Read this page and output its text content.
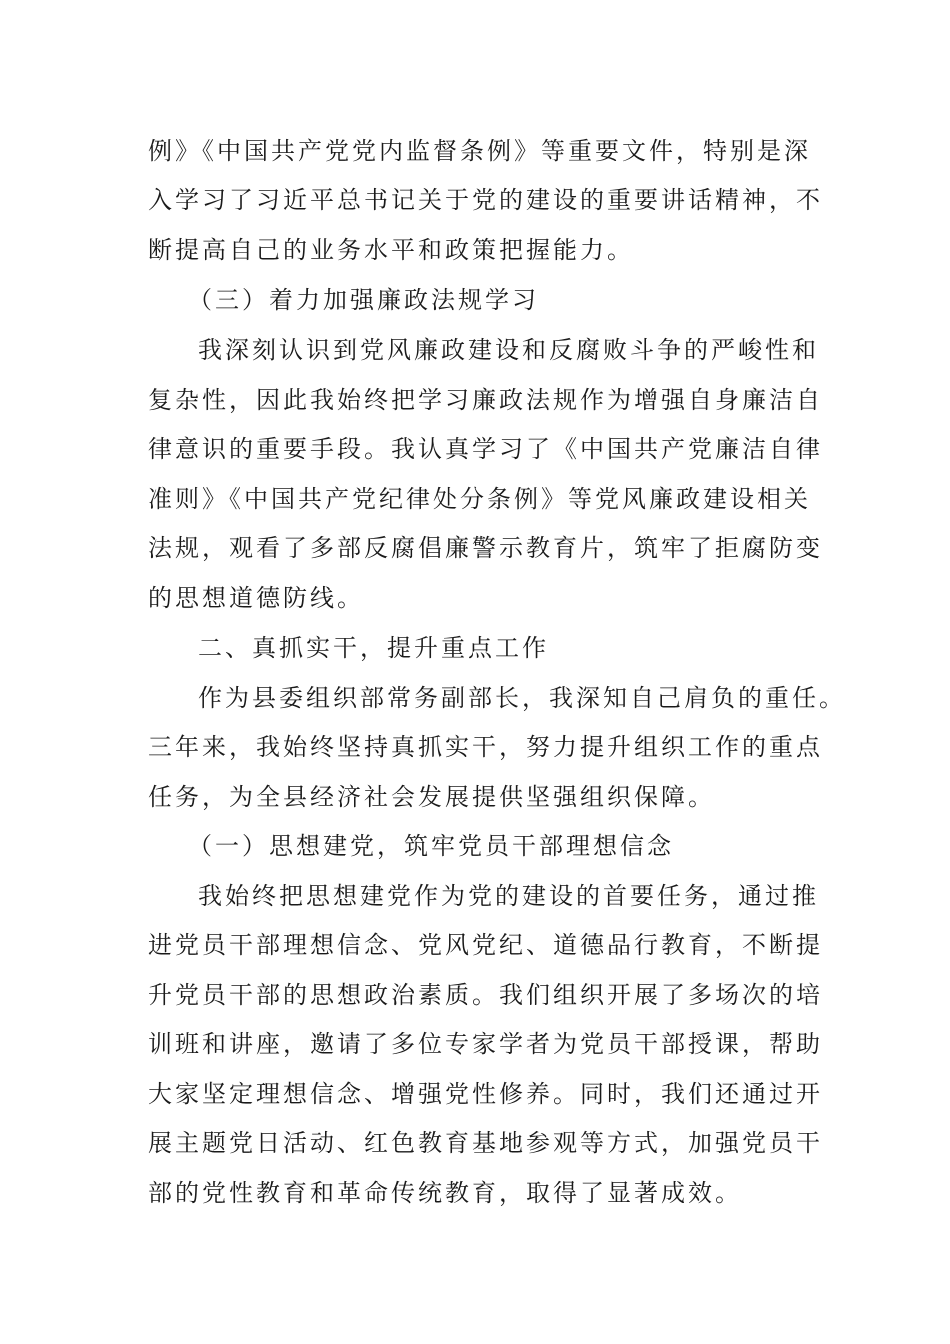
例》《中国共产党党内监督条例》等重要文件，特别是深
入学习了习近平总书记关于党的建设的重要讲话精神，不
断提高自己的业务水平和政策把握能力。
（三）着力加强廉政法规学习
我深刻认识到党风廉政建设和反腐败斗争的严峻性和
复杂性，因此我始终把学习廉政法规作为增强自身廉洁自
律意识的重要手段。我认真学习了《中国共产党廉洁自律
准则》《中国共产党纪律处分条例》等党风廉政建设相关
法规，观看了多部反腐倡廉警示教育片，筑牢了拒腐防变
的思想道德防线。
二、真抓实干，提升重点工作
作为县委组织部常务副部长，我深知自己肩负的重任。
三年来，我始终坚持真抓实干，努力提升组织工作的重点
任务，为全县经济社会发展提供坚强组织保障。
（一）思想建党，筑牢党员干部理想信念
我始终把思想建党作为党的建设的首要任务，通过推
进党员干部理想信念、党风党纪、道德品行教育，不断提
升党员干部的思想政治素质。我们组织开展了多场次的培
训班和讲座，邀请了多位专家学者为党员干部授课，帮助
大家坚定理想信念、增强党性修养。同时，我们还通过开
展主题党日活动、红色教育基地参观等方式，加强党员干
部的党性教育和革命传统教育，取得了显著成效。
